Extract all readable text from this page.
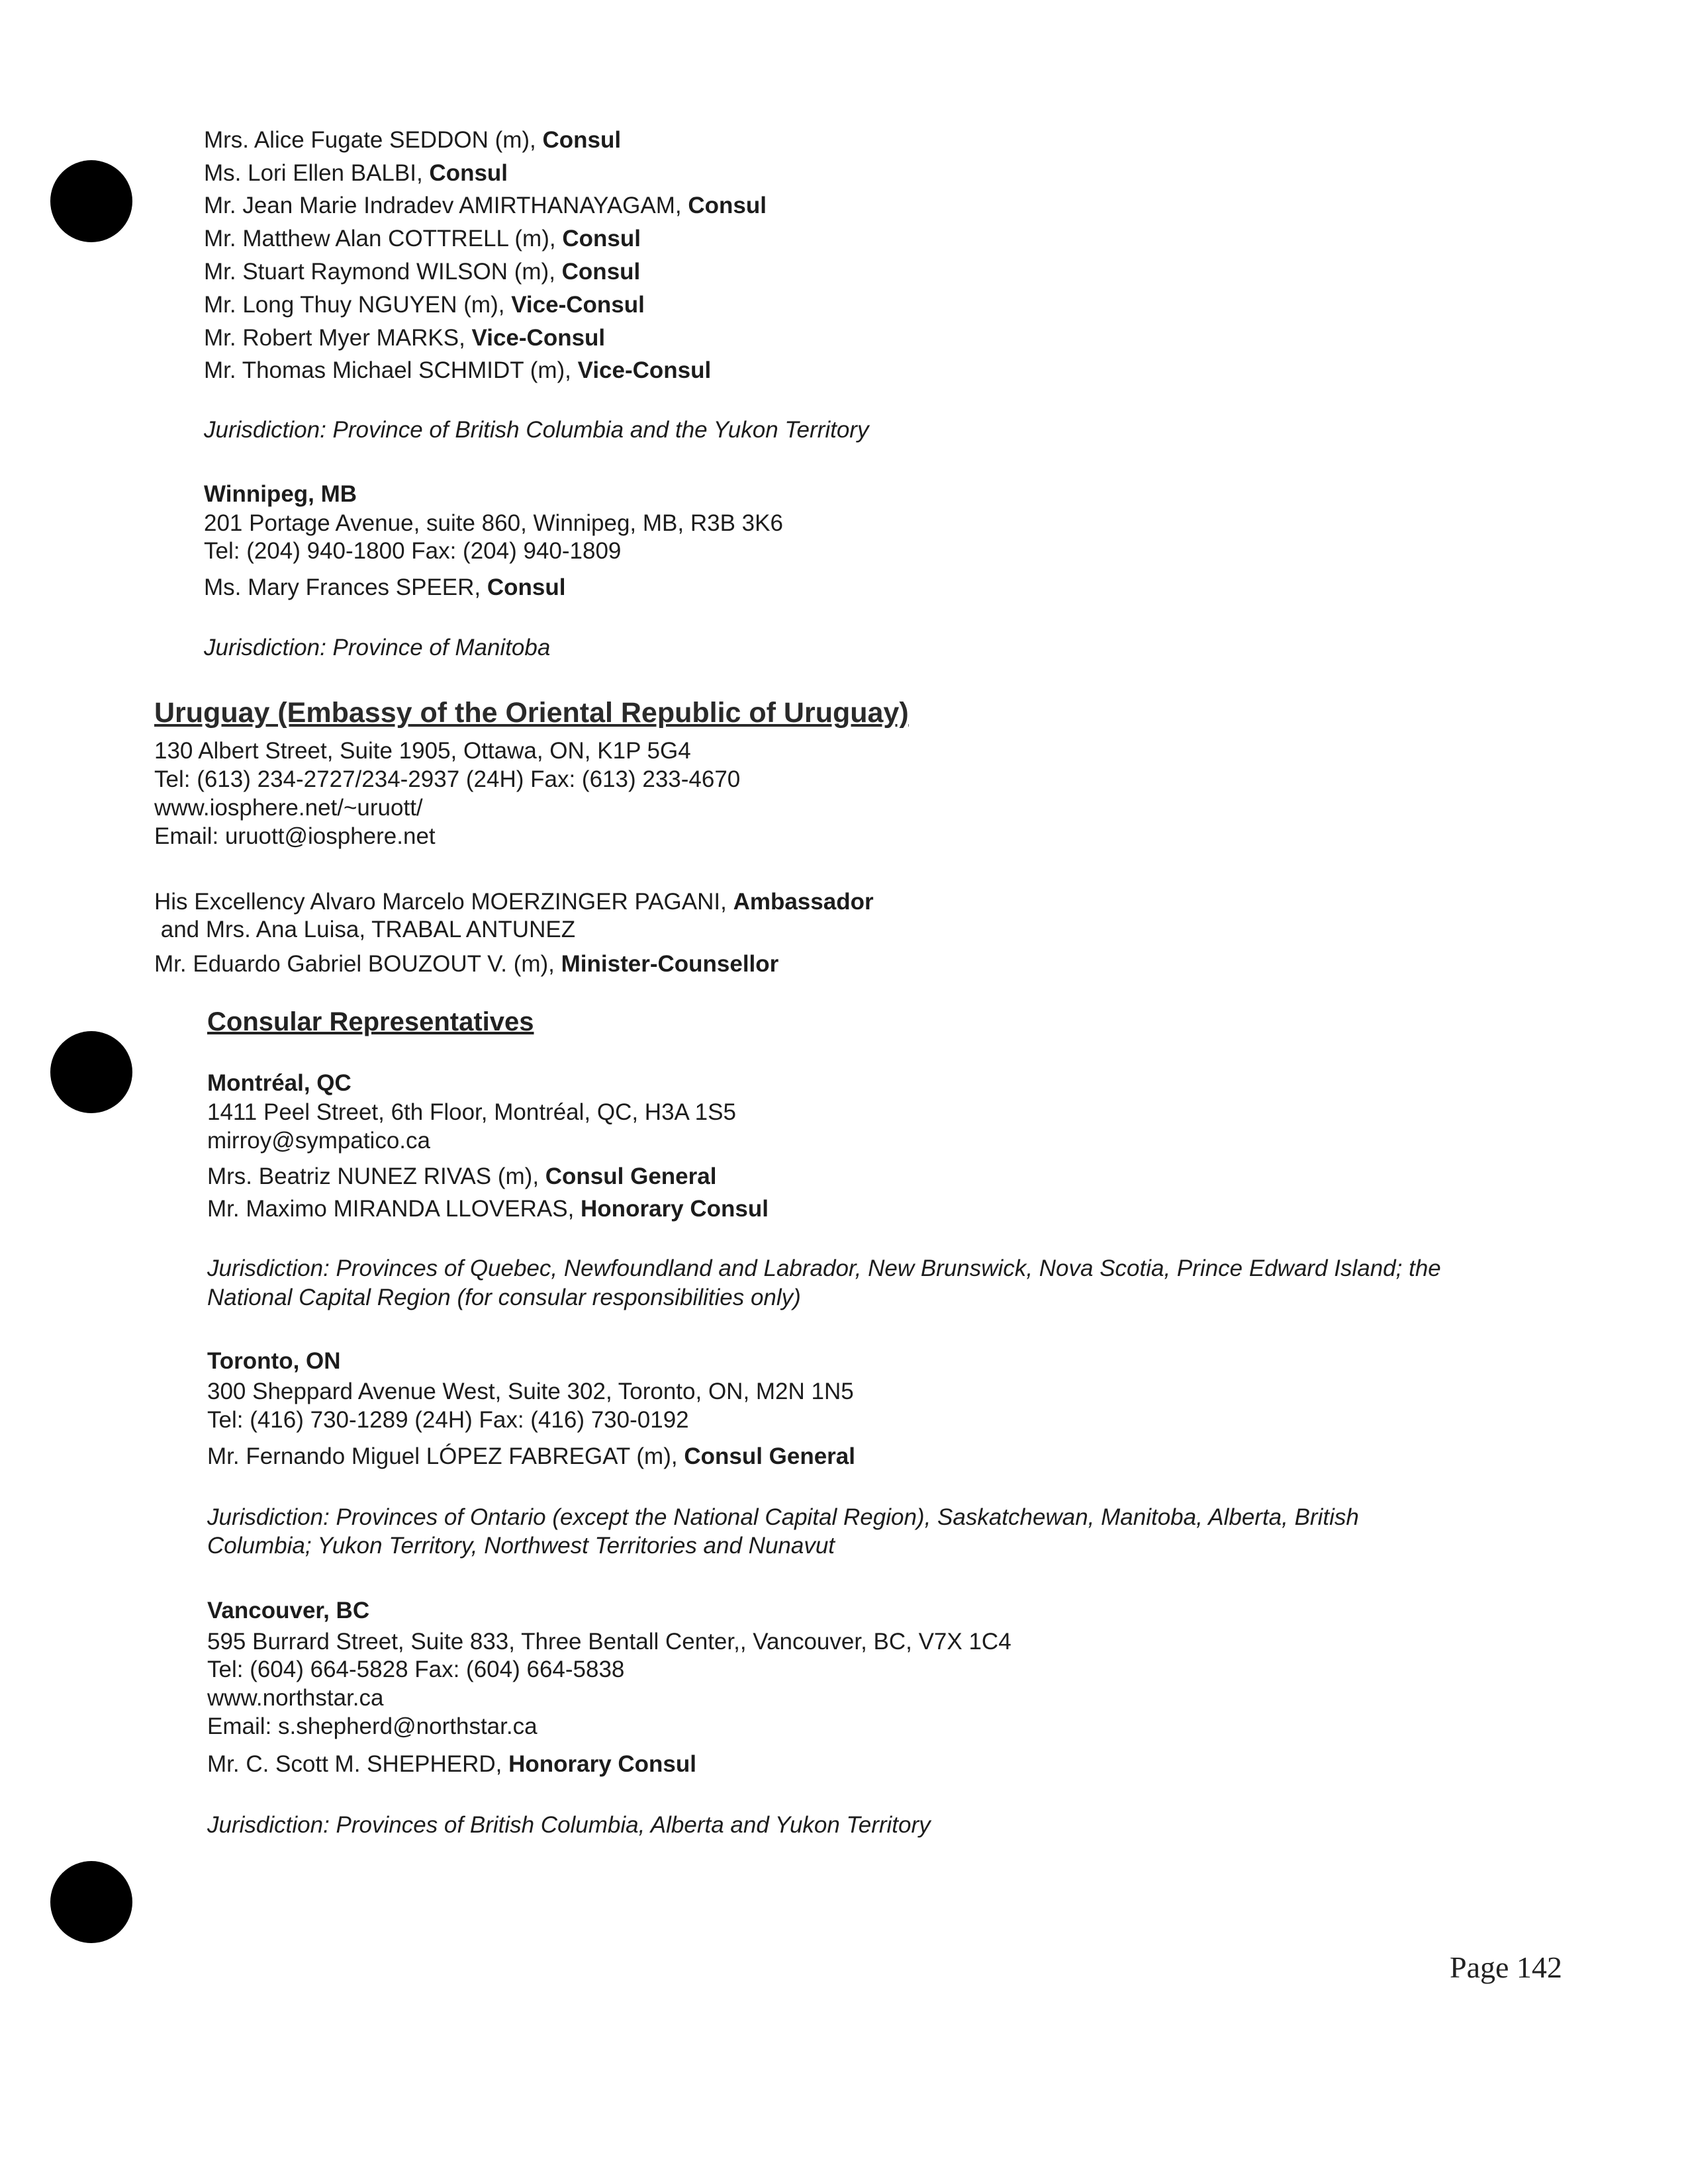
Mrs. Alice Fugate SEDDON (m), Consul
Ms. Lori Ellen BALBI, Consul
Mr. Jean Marie Indradev AMIRTHANAYAGAM, Consul
Mr. Matthew Alan COTTRELL (m), Consul
Mr. Stuart Raymond WILSON (m), Consul
Mr. Long Thuy NGUYEN (m), Vice-Consul
Mr. Robert Myer MARKS, Vice-Consul
Mr. Thomas Michael SCHMIDT (m), Vice-Consul
Jurisdiction: Province of British Columbia and the Yukon Territory
Winnipeg, MB
201 Portage Avenue, suite 860, Winnipeg, MB, R3B 3K6
Tel: (204) 940-1800 Fax: (204) 940-1809
Ms. Mary Frances SPEER, Consul
Jurisdiction: Province of Manitoba
Uruguay (Embassy of the Oriental Republic of Uruguay)
130 Albert Street, Suite 1905, Ottawa, ON, K1P 5G4
Tel: (613) 234-2727/234-2937 (24H) Fax: (613) 233-4670
www.iosphere.net/~uruott/
Email: uruott@iosphere.net
His Excellency Alvaro Marcelo MOERZINGER PAGANI, Ambassador
and Mrs. Ana Luisa, TRABAL ANTUNEZ
Mr. Eduardo Gabriel BOUZOUT V. (m), Minister-Counsellor
Consular Representatives
Montréal, QC
1411 Peel Street, 6th Floor, Montréal, QC, H3A 1S5
mirroy@sympatico.ca
Mrs. Beatriz NUNEZ RIVAS (m), Consul General
Mr. Maximo MIRANDA LLOVERAS, Honorary Consul
Jurisdiction: Provinces of Quebec, Newfoundland and Labrador, New Brunswick, Nova Scotia, Prince Edward Island; the
National Capital Region (for consular responsibilities only)
Toronto, ON
300 Sheppard Avenue West, Suite 302, Toronto, ON, M2N 1N5
Tel: (416) 730-1289 (24H) Fax: (416) 730-0192
Mr. Fernando Miguel LÓPEZ FABREGAT (m), Consul General
Jurisdiction: Provinces of Ontario (except the National Capital Region), Saskatchewan, Manitoba, Alberta, British
Columbia; Yukon Territory, Northwest Territories and Nunavut
Vancouver, BC
595 Burrard Street, Suite 833, Three Bentall Center,, Vancouver, BC, V7X 1C4
Tel: (604) 664-5828 Fax: (604) 664-5838
www.northstar.ca
Email: s.shepherd@northstar.ca
Mr. C. Scott M. SHEPHERD, Honorary Consul
Jurisdiction: Provinces of British Columbia, Alberta and Yukon Territory
Page 142
